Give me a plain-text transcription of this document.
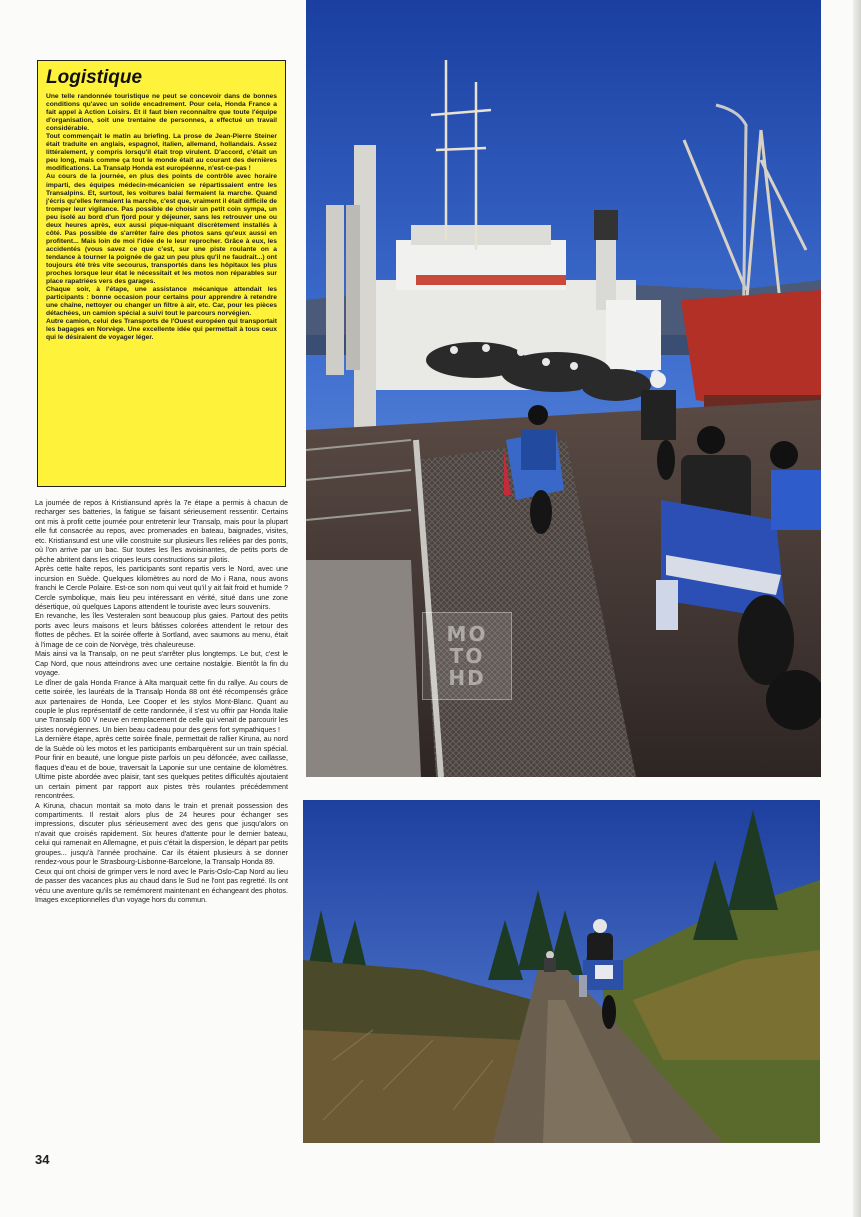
Logistique

Une telle randonnée touristique ne peut se concevoir dans de bonnes conditions qu'avec un solide encadrement. Pour cela, Honda France a fait appel à Action Loisirs. Et il faut bien reconnaître que toute l'équipe d'organisation, soit une trentaine de personnes, a effectué un travail considérable.

Tout commençait le matin au briefing. La prose de Jean-Pierre Steiner était traduite en anglais, espagnol, italien, allemand, hollandais. Assez littéralement, y compris lorsqu'il était trop virulent. D'accord, c'était un peu long, mais comme ça tout le monde était au courant des dernières modifications. La Transalp Honda est européenne, n'est-ce-pas !

Au cours de la journée, en plus des points de contrôle avec horaire imparti, des équipes médecin-mécanicien se répartissaient entre les Transalpins. Et, surtout, les voitures balai fermaient la marche. Quand j'écris qu'elles fermaient la marche, c'est que, vraiment il était difficile de tromper leur vigilance. Pas possible de choisir un petit coin sympa, un peu isolé au bord d'un fjord pour y déjeuner, sans les retrouver une ou deux heures après, eux aussi pique-niquant discrètement installés à côté. Pas possible de s'arrêter faire des photos sans qu'eux aussi en profitent... Mais loin de moi l'idée de le leur reprocher. Grâce à eux, les accidentés (vous savez ce que c'est, sur une piste roulante on a tendance à tourner la poignée de gaz un peu plus qu'il ne faudrait...) ont toujours été très vite secourus, transportés dans les hôpitaux les plus proches lorsque leur état le nécessitait et les motos non réparables sur place rapatriées vers des garages.

Chaque soir, à l'étape, une assistance mécanique attendait les participants : bonne occasion pour certains pour apprendre à retendre une chaîne, nettoyer ou changer un filtre à air, etc. Car, pour les pièces détachées, un camion spécial a suivi tout le parcours norvégien.

Autre camion, celui des Transports de l'Ouest européen qui transportait les bagages en Norvège. Une excellente idée qui permettait à tous ceux qui le désiraient de voyager léger.

La journée de repos à Kristiansund après la 7e étape a permis à chacun de recharger ses batteries, la fatigue se faisant sérieusement ressentir. Certains ont mis à profit cette journée pour entretenir leur Transalp, mais pour la plupart elle fut consacrée au repos, avec promenades en bateau, baignades, visites, etc. Kristiansund est une ville construite sur plusieurs îles reliées par des ponts, où l'on arrive par un bac. Sur toutes les îles avoisinantes, de petits ports de pêche abritent dans les criques leurs constructions sur pilotis.

Après cette halte repos, les participants sont repartis vers le Nord, avec une incursion en Suède. Quelques kilomètres au nord de Mo i Rana, nous avons franchi le Cercle Polaire. Est-ce son nom qui veut qu'il y ait fait froid et humide ? Cercle symbolique, mais lieu peu intéressant en vérité, situé dans une zone désertique, où quelques Lapons attendent le touriste avec leurs souvenirs.

En revanche, les îles Vesteralen sont beaucoup plus gaies. Partout des petits ports avec leurs maisons et leurs bâtisses colorées attendent le retour des flottes de pêches. Et la soirée offerte à Sortland, avec saumons au menu, était à l'image de ce coin de Norvège, très chaleureuse.

Mais ainsi va la Transalp, on ne peut s'arrêter plus longtemps. Le but, c'est le Cap Nord, que nous atteindrons avec une certaine nostalgie. Bientôt la fin du voyage.

Le dîner de gala Honda France à Alta marquait cette fin du rallye. Au cours de cette soirée, les lauréats de la Transalp Honda 88 ont été récompensés grâce aux partenaires de Honda, Lee Cooper et les stylos Mont-Blanc. Quant au couple le plus représentatif de cette randonnée, il s'est vu offrir par Honda Italie une Transalp 600 V neuve en remplacement de celle qui venait de parcourir les pistes norvégiennes. Un bien beau cadeau pour des gens fort sympathiques !

La dernière étape, après cette soirée finale, permettait de rallier Kiruna, au nord de la Suède où les motos et les participants embarquèrent sur un train spécial. Pour finir en beauté, une longue piste parfois un peu défoncée, avec caillasse, flaques d'eau et de boue, traversait la Laponie sur une centaine de kilomètres. Ultime piste abordée avec plaisir, tant ses quelques petites difficultés ajoutaient un certain piment par rapport aux pistes très roulantes précédemment rencontrées.

A Kiruna, chacun montait sa moto dans le train et prenait possession des compartiments. Il restait alors plus de 24 heures pour échanger ses impressions, discuter plus sérieusement avec des gens que jusqu'alors on n'avait que croisés rapidement. Six heures d'attente pour le dernier bateau, celui qui ramenait en Allemagne, et puis c'était la dispersion, le départ par petits groupes... jusqu'à l'année prochaine. Car ils étaient plusieurs à se donner rendez-vous pour le Strasbourg-Lisbonne-Barcelone, la Transalp Honda 89.

Ceux qui ont choisi de grimper vers le nord avec le Paris-Oslo-Cap Nord au lieu de passer des vacances plus au chaud dans le Sud ne l'ont pas regretté. Ils ont vécu une aventure qu'ils se remémorent maintenant en échangeant des photos. Images exceptionnelles d'un voyage hors du commun.

34
MO
TO
HD
